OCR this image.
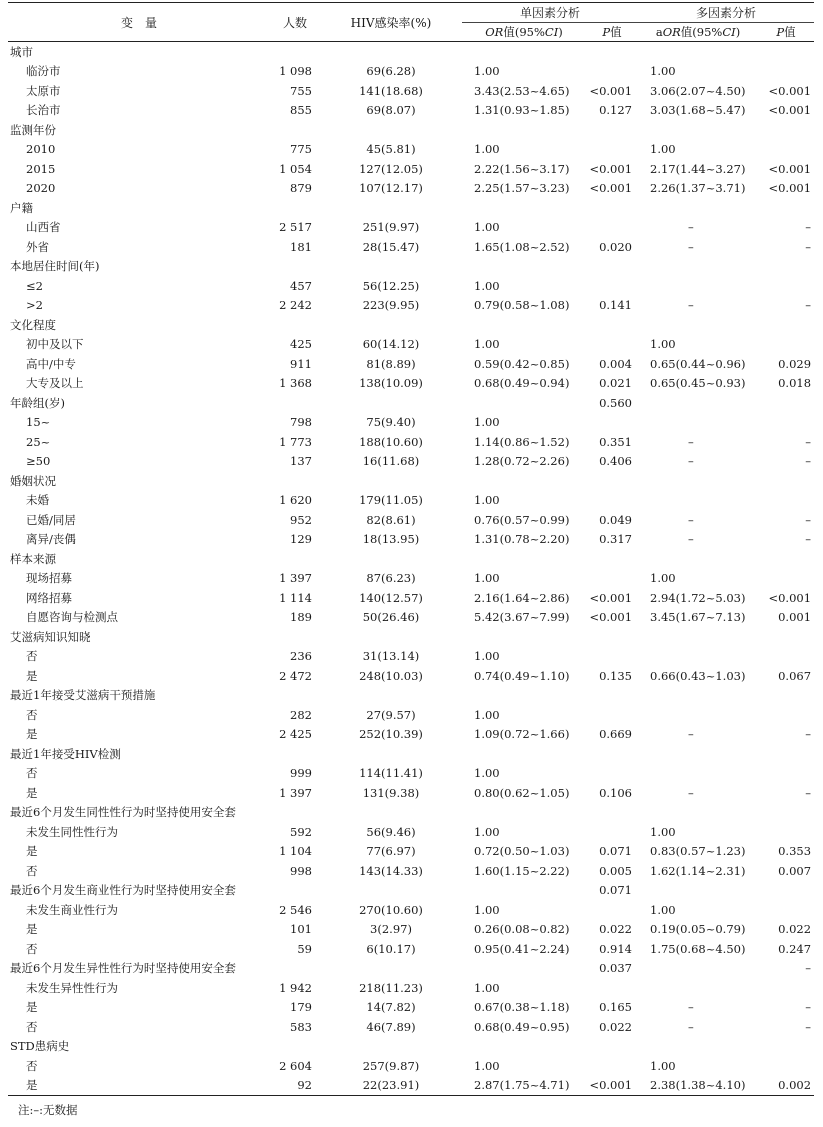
变　量	人数	HIV感染率(%)	单因素分析		多因素分析	
			OR值(95%CI)	P值	aOR值(95%CI)	P值
城市						
临汾市	1 098	69(6.28)	1.00		1.00	
太原市	755	141(18.68)	3.43(2.53~4.65)	<0.001	3.06(2.07~4.50)	<0.001
长治市	855	69(8.07)	1.31(0.93~1.85)	0.127	3.03(1.68~5.47)	<0.001
监测年份						
2010	775	45(5.81)	1.00		1.00	
2015	1 054	127(12.05)	2.22(1.56~3.17)	<0.001	2.17(1.44~3.27)	<0.001
2020	879	107(12.17)	2.25(1.57~3.23)	<0.001	2.26(1.37~3.71)	<0.001
户籍						
山西省	2 517	251(9.97)	1.00		–	–
外省	181	28(15.47)	1.65(1.08~2.52)	0.020	–	–
本地居住时间(年)						
≤2	457	56(12.25)	1.00			
>2	2 242	223(9.95)	0.79(0.58~1.08)	0.141	–	–
文化程度						
初中及以下	425	60(14.12)	1.00		1.00	
高中/中专	911	81(8.89)	0.59(0.42~0.85)	0.004	0.65(0.44~0.96)	0.029
大专及以上	1 368	138(10.09)	0.68(0.49~0.94)	0.021	0.65(0.45~0.93)	0.018
年龄组(岁)				0.560		
15~	798	75(9.40)	1.00			
25~	1 773	188(10.60)	1.14(0.86~1.52)	0.351	–	–
≥50	137	16(11.68)	1.28(0.72~2.26)	0.406	–	–
婚姻状况						
未婚	1 620	179(11.05)	1.00			
已婚/同居	952	82(8.61)	0.76(0.57~0.99)	0.049	–	–
离异/丧偶	129	18(13.95)	1.31(0.78~2.20)	0.317	–	–
样本来源						
现场招募	1 397	87(6.23)	1.00		1.00	
网络招募	1 114	140(12.57)	2.16(1.64~2.86)	<0.001	2.94(1.72~5.03)	<0.001
自愿咨询与检测点	189	50(26.46)	5.42(3.67~7.99)	<0.001	3.45(1.67~7.13)	0.001
艾滋病知识知晓						
否	236	31(13.14)	1.00			
是	2 472	248(10.03)	0.74(0.49~1.10)	0.135	0.66(0.43~1.03)	0.067
最近1年接受艾滋病干预措施						
否	282	27(9.57)	1.00			
是	2 425	252(10.39)	1.09(0.72~1.66)	0.669	–	–
最近1年接受HIV检测						
否	999	114(11.41)	1.00			
是	1 397	131(9.38)	0.80(0.62~1.05)	0.106	–	–
最近6个月发生同性性行为时坚持使用安全套						
未发生同性性行为	592	56(9.46)	1.00		1.00	
是	1 104	77(6.97)	0.72(0.50~1.03)	0.071	0.83(0.57~1.23)	0.353
否	998	143(14.33)	1.60(1.15~2.22)	0.005	1.62(1.14~2.31)	0.007
最近6个月发生商业性行为时坚持使用安全套				0.071		
未发生商业性行为	2 546	270(10.60)	1.00		1.00	
是	101	3(2.97)	0.26(0.08~0.82)	0.022	0.19(0.05~0.79)	0.022
否	59	6(10.17)	0.95(0.41~2.24)	0.914	1.75(0.68~4.50)	0.247
最近6个月发生异性性行为时坚持使用安全套				0.037		–
未发生异性性行为	1 942	218(11.23)	1.00			
是	179	14(7.82)	0.67(0.38~1.18)	0.165	–	–
否	583	46(7.89)	0.68(0.49~0.95)	0.022	–	–
STD患病史						
否	2 604	257(9.87)	1.00		1.00	
是	92	22(23.91)	2.87(1.75~4.71)	<0.001	2.38(1.38~4.10)	0.002
注:–:无数据
